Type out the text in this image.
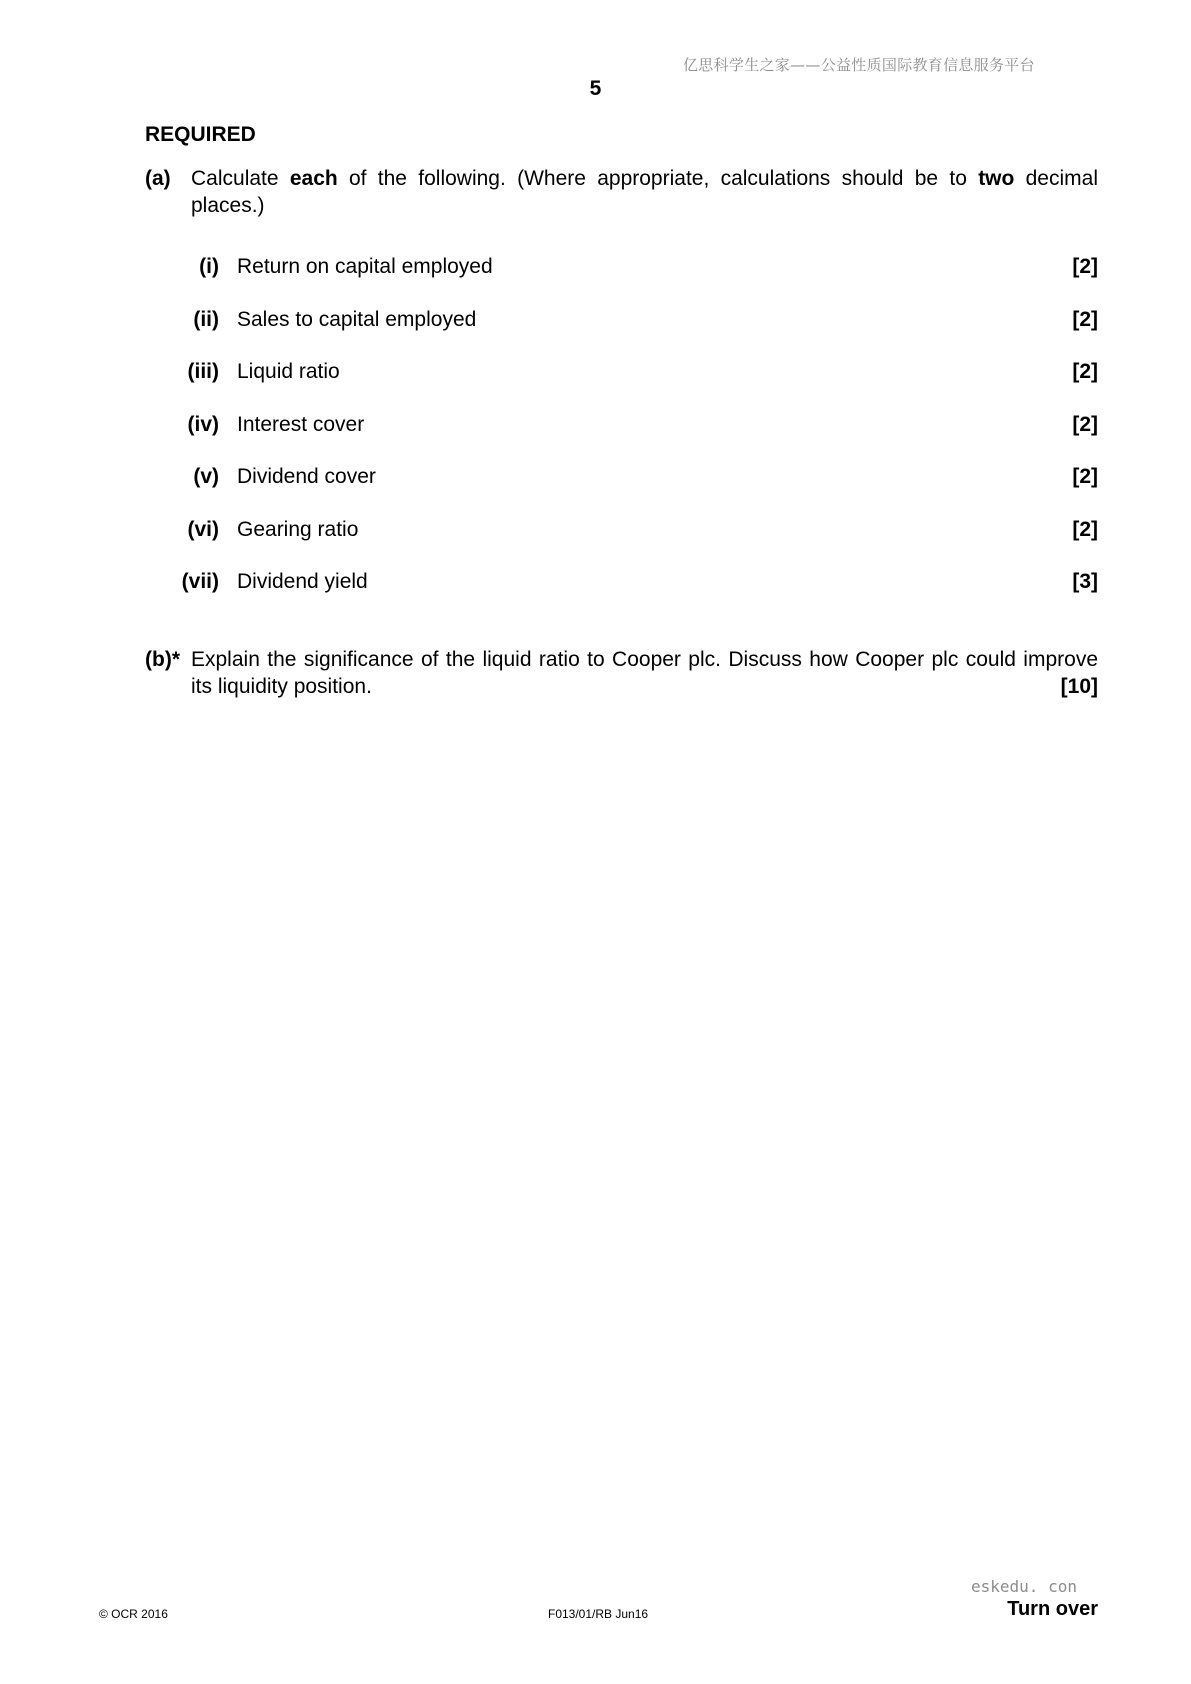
亿思科学生之家——公益性质国际教育信息服务平台
5
REQUIRED
(a) Calculate each of the following. (Where appropriate, calculations should be to two decimal places.)
(i) Return on capital employed	[2]
(ii) Sales to capital employed	[2]
(iii) Liquid ratio	[2]
(iv) Interest cover	[2]
(v) Dividend cover	[2]
(vi) Gearing ratio	[2]
(vii) Dividend yield	[3]
(b)* Explain the significance of the liquid ratio to Cooper plc. Discuss how Cooper plc could improve its liquidity position.	[10]
© OCR 2016	F013/01/RB Jun16
eskedu. con
Turn over
